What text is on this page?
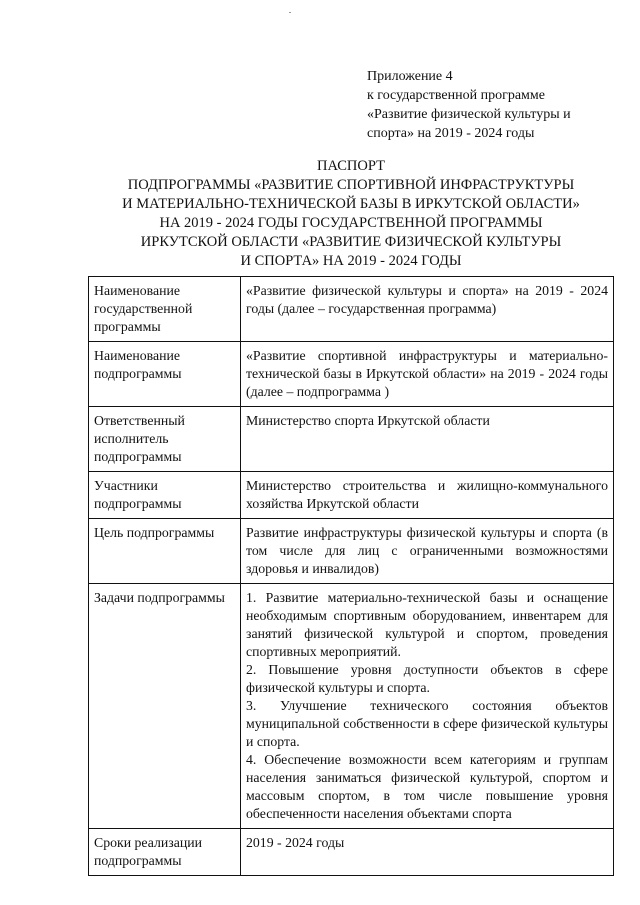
Приложение 4
к государственной программе
«Развитие физической культуры и
спорта» на 2019 - 2024 годы
ПАСПОРТ
ПОДПРОГРАММЫ «РАЗВИТИЕ СПОРТИВНОЙ ИНФРАСТРУКТУРЫ
И МАТЕРИАЛЬНО-ТЕХНИЧЕСКОЙ БАЗЫ В ИРКУТСКОЙ ОБЛАСТИ»
НА 2019 - 2024 ГОДЫ ГОСУДАРСТВЕННОЙ ПРОГРАММЫ
ИРКУТСКОЙ ОБЛАСТИ «РАЗВИТИЕ ФИЗИЧЕСКОЙ КУЛЬТУРЫ
И СПОРТА» НА 2019 - 2024 ГОДЫ
Наименование государственной программы	«Развитие физической культуры и спорта» на 2019 - 2024 годы (далее – государственная программа)
Наименование подпрограммы	«Развитие спортивной инфраструктуры и материально-технической базы в Иркутской области» на 2019 - 2024 годы (далее – подпрограмма )
Ответственный исполнитель подпрограммы	Министерство спорта Иркутской области
Участники подпрограммы	Министерство строительства и жилищно-коммунального хозяйства Иркутской области
Цель подпрограммы	Развитие инфраструктуры физической культуры и спорта (в том числе для лиц с ограниченными возможностями здоровья и инвалидов)
Задачи подпрограммы	1. Развитие материально-технической базы и оснащение необходимым спортивным оборудованием, инвентарем для занятий физической культурой и спортом, проведения спортивных мероприятий.
2. Повышение уровня доступности объектов в сфере физической культуры и спорта.
3. Улучшение технического состояния объектов муниципальной собственности в сфере физической культуры и спорта.
4. Обеспечение возможности всем категориям и группам населения заниматься физической культурой, спортом и массовым спортом, в том числе повышение уровня обеспеченности населения объектами спорта

Сроки реализации подпрограммы	2019 - 2024 годы
